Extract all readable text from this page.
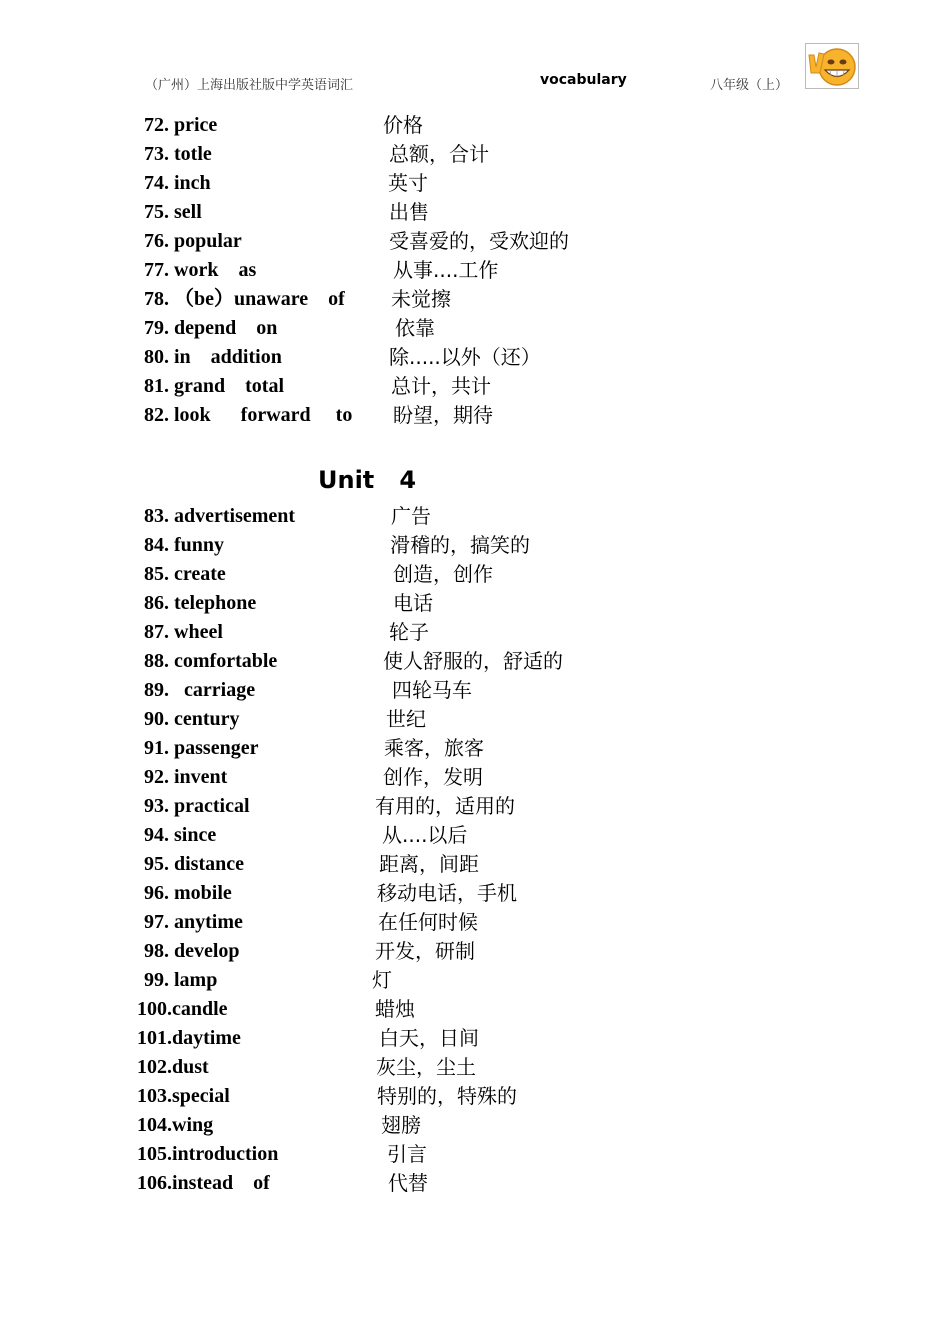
（广州）上海出版社版中学英语词汇	vocabulary	八年级（上）
72. price	价格
73. totle	总额，合计
74. inch	英寸
75. sell	出售
76. popular	受喜爱的，受欢迎的
77. work    as	从事....工作
78. （be）unaware    of 未觉擦
79. depend    on	依靠
80. in    addition	除.....以外（还）
81. grand    total	总计，共计
82. look      forward     to 盼望，期待
Unit   4
83. advertisement	广告
84. funny	滑稽的，搞笑的
85. create	创造，创作
86. telephone	电话
87. wheel	轮子
88. comfortable	使人舒服的，舒适的
89.   carriage	四轮马车
90. century	世纪
91. passenger	乘客，旅客
92. invent	创作，发明
93. practical	有用的，适用的
94. since	从....以后
95. distance	距离，间距
96. mobile	移动电话，手机
97. anytime	在任何时候
98. develop	开发，研制
99. lamp	灯
100.candle	蜡烛
101.daytime	白天，日间
102.dust	灰尘，尘土
103.special	特别的，特殊的
104.wing	翅膀
105.introduction	引言
106.instead    of	代替
